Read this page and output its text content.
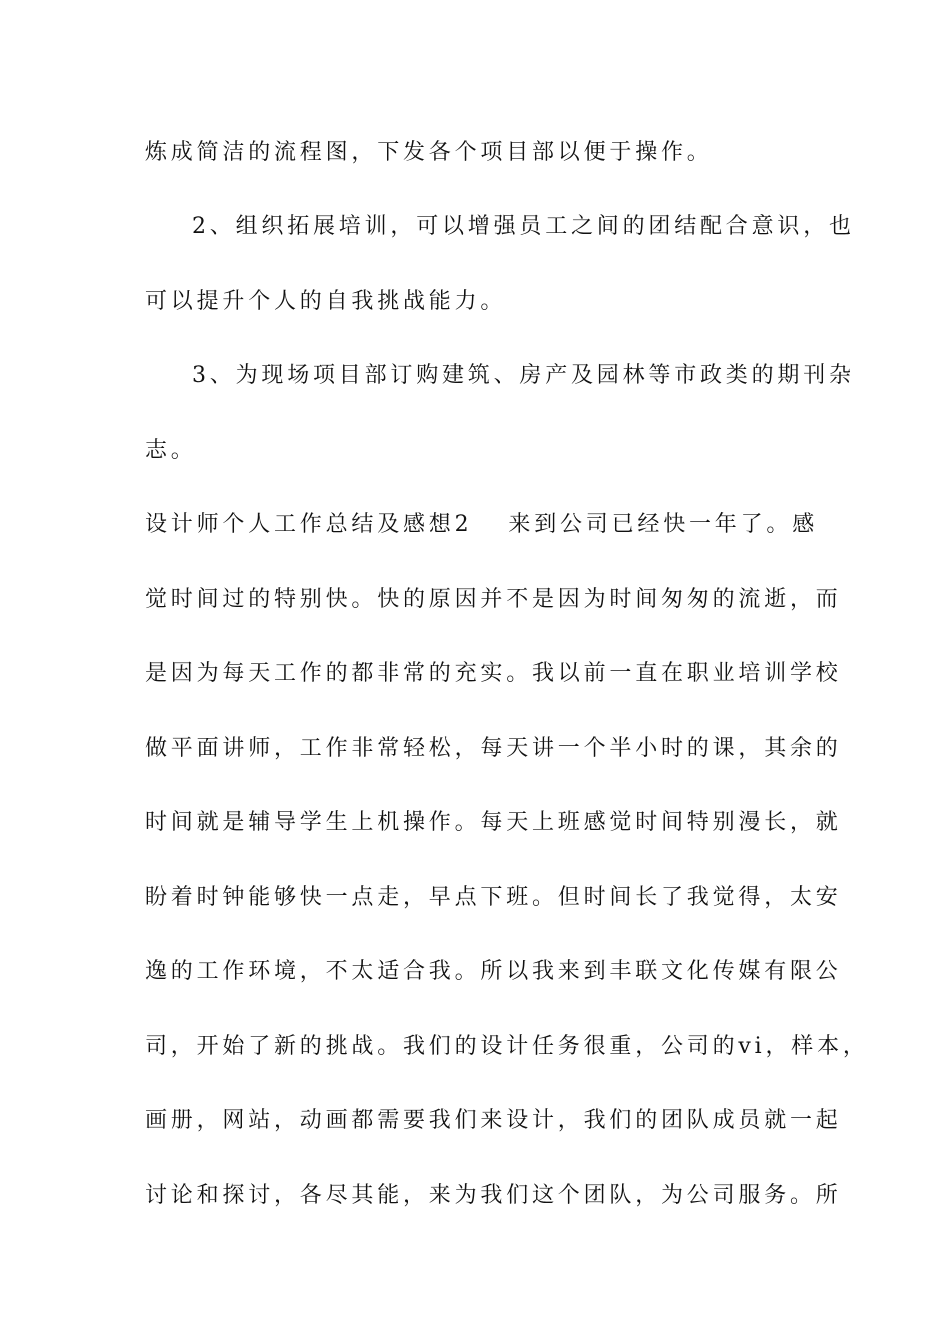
炼成简洁的流程图，下发各个项目部以便于操作。
2、组织拓展培训，可以增强员工之间的团结配合意识，也
可以提升个人的自我挑战能力。
3、为现场项目部订购建筑、房产及园林等市政类的期刊杂
志。
设计师个人工作总结及感想2 来到公司已经快一年了。感
觉时间过的特别快。快的原因并不是因为时间匆匆的流逝，而
是因为每天工作的都非常的充实。我以前一直在职业培训学校
做平面讲师，工作非常轻松，每天讲一个半小时的课，其余的
时间就是辅导学生上机操作。每天上班感觉时间特别漫长，就
盼着时钟能够快一点走，早点下班。但时间长了我觉得，太安
逸的工作环境，不太适合我。所以我来到丰联文化传媒有限公
司，开始了新的挑战。我们的设计任务很重，公司的vi，样本，
画册，网站，动画都需要我们来设计，我们的团队成员就一起
讨论和探讨，各尽其能，来为我们这个团队，为公司服务。所
